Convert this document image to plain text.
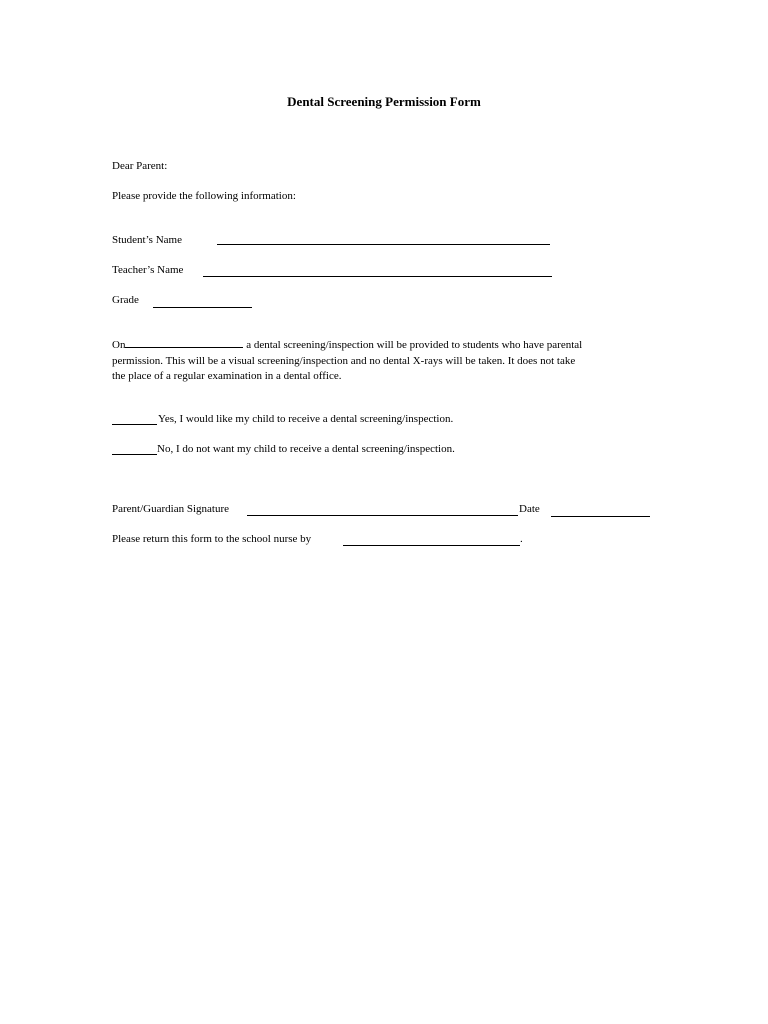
Dental Screening Permission Form
Dear Parent:
Please provide the following information:
Student’s Name
Teacher’s Name
Grade

On	a dental screening/inspection will be provided to students who have parental

permission. This will be a visual screening/inspection and no dental X-rays will be taken. It does not take

the place of a regular examination in a dental office.

Yes, I would like my child to receive a dental screening/inspection.
No, I do not want my child to receive a dental screening/inspection.
Parent/Guardian Signature	Date
Please return this form to the school nurse by	.
